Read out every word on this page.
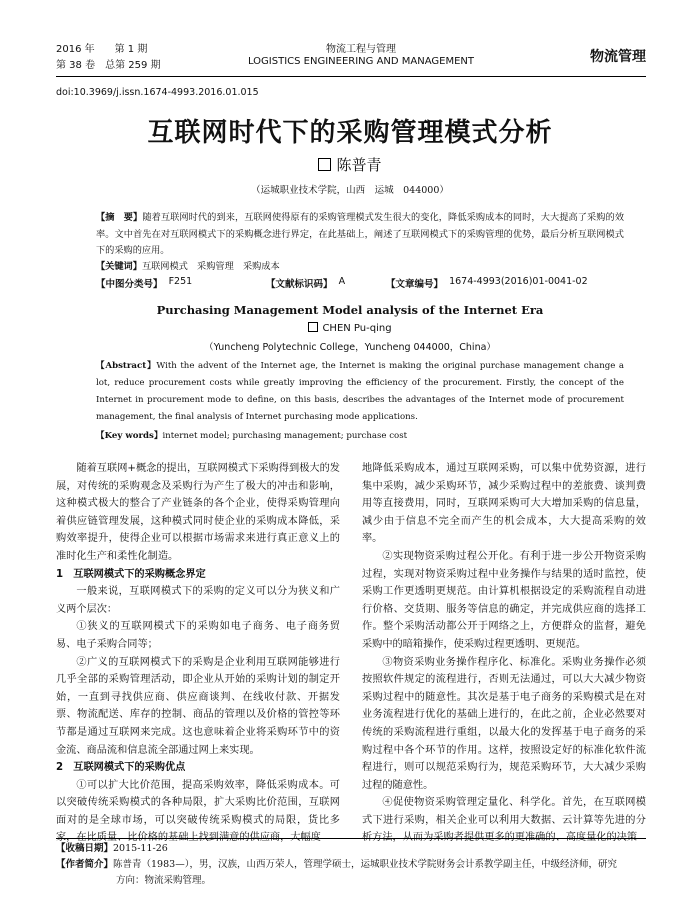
2016 年　　第 1 期
第 38 卷　总第 259 期
物流工程与管理
LOGISTICS ENGINEERING AND MANAGEMENT	物流管理
doi:10.3969/j.issn.1674-4993.2016.01.015
互联网时代下的采购管理模式分析
陈普青
（运城职业技术学院，山西　运城　044000）
【摘　要】随着互联网时代的到来，互联网使得原有的采购管理模式发生很大的变化，降低采购成本的同时，大大提高了采购的效率。文中首先在对互联网模式下的采购概念进行界定，在此基础上，阐述了互联网模式下的采购管理的优势，最后分析互联网模式下的采购的应用。
【关键词】互联网模式　采购管理　采购成本
【中图分类号】 F251	【文献标识码】 A	【文章编号】 1674-4993(2016)01-0041-02
Purchasing Management Model analysis of the Internet Era
CHEN Pu-qing
（Yuncheng Polytechnic College，Yuncheng 044000，China）
【Abstract】With the advent of the Internet age, the Internet is making the original purchase management change a lot, reduce procurement costs while greatly improving the efficiency of the procurement. Firstly, the concept of the Internet in procurement mode to define, on this basis, describes the advantages of the Internet mode of procurement management, the final analysis of Internet purchasing mode applications.
【Key words】internet model; purchasing management; purchase cost

随着互联网+概念的提出，互联网模式下采购得到极大的发展，对传统的采购观念及采购行为产生了极大的冲击和影响，这种模式极大的整合了产业链条的各个企业，使得采购管理向着供应链管理发展，这种模式同时使企业的采购成本降低，采购效率提升，使得企业可以根据市场需求来进行真正意义上的准时化生产和柔性化制造。

1　互联网模式下的采购概念界定

一般来说，互联网模式下的采购的定义可以分为狭义和广义两个层次：

①狭义的互联网模式下的采购如电子商务、电子商务贸易、电子采购合同等；

②广义的互联网模式下的采购是企业利用互联网能够进行几乎全部的采购管理活动，即企业从开始的采购计划的制定开始，一直到寻找供应商、供应商谈判、在线收付款、开据发票、物流配送、库存的控制、商品的管理以及价格的管控等环节都是通过互联网来完成。这也意味着企业将采购环节中的资金流、商品流和信息流全部通过网上来实现。

2　互联网模式下的采购优点

①可以扩大比价范围，提高采购效率，降低采购成本。可以突破传统采购模式的各种局限，扩大采购比价范围，互联网面对的是全球市场，可以突破传统采购模式的局限，货比多家，在比质量、比价格的基础上找到满意的供应商，大幅度

地降低采购成本，通过互联网采购，可以集中优势资源，进行集中采购，减少采购环节，减少采购过程中的差旅费、谈判费用等直接费用，同时，互联网采购可大大增加采购的信息量，减少由于信息不完全而产生的机会成本，大大提高采购的效率。

②实现物资采购过程公开化。有利于进一步公开物资采购过程，实现对物资采购过程中业务操作与结果的适时监控，使采购工作更透明更规范。由计算机根据设定的采购流程自动进行价格、交货期、服务等信息的确定，并完成供应商的选择工作。整个采购活动都公开于网络之上，方便群众的监督，避免采购中的暗箱操作，使采购过程更透明、更规范。

③物资采购业务操作程序化、标准化。采购业务操作必须按照软件规定的流程进行，否则无法通过，可以大大减少物资采购过程中的随意性。其次是基于电子商务的采购模式是在对业务流程进行优化的基础上进行的，在此之前，企业必然要对传统的采购流程进行重组，以最大化的发挥基于电子商务的采购过程中各个环节的作用。这样，按照设定好的标准化软件流程进行，则可以规范采购行为，规范采购环节，大大减少采购过程的随意性。

④促使物资采购管理定量化、科学化。首先，在互联网模式下进行采购，相关企业可以利用大数据、云计算等先进的分析方法，从而为采购者提供更多的更准确的、高度量化的决策

【收稿日期】2015-11-26
【作者简介】陈普青（1983—），男，汉族，山西万荣人，管理学硕士，运城职业技术学院财务会计系教学副主任，中级经济师，研究
方向：物流采购管理。
